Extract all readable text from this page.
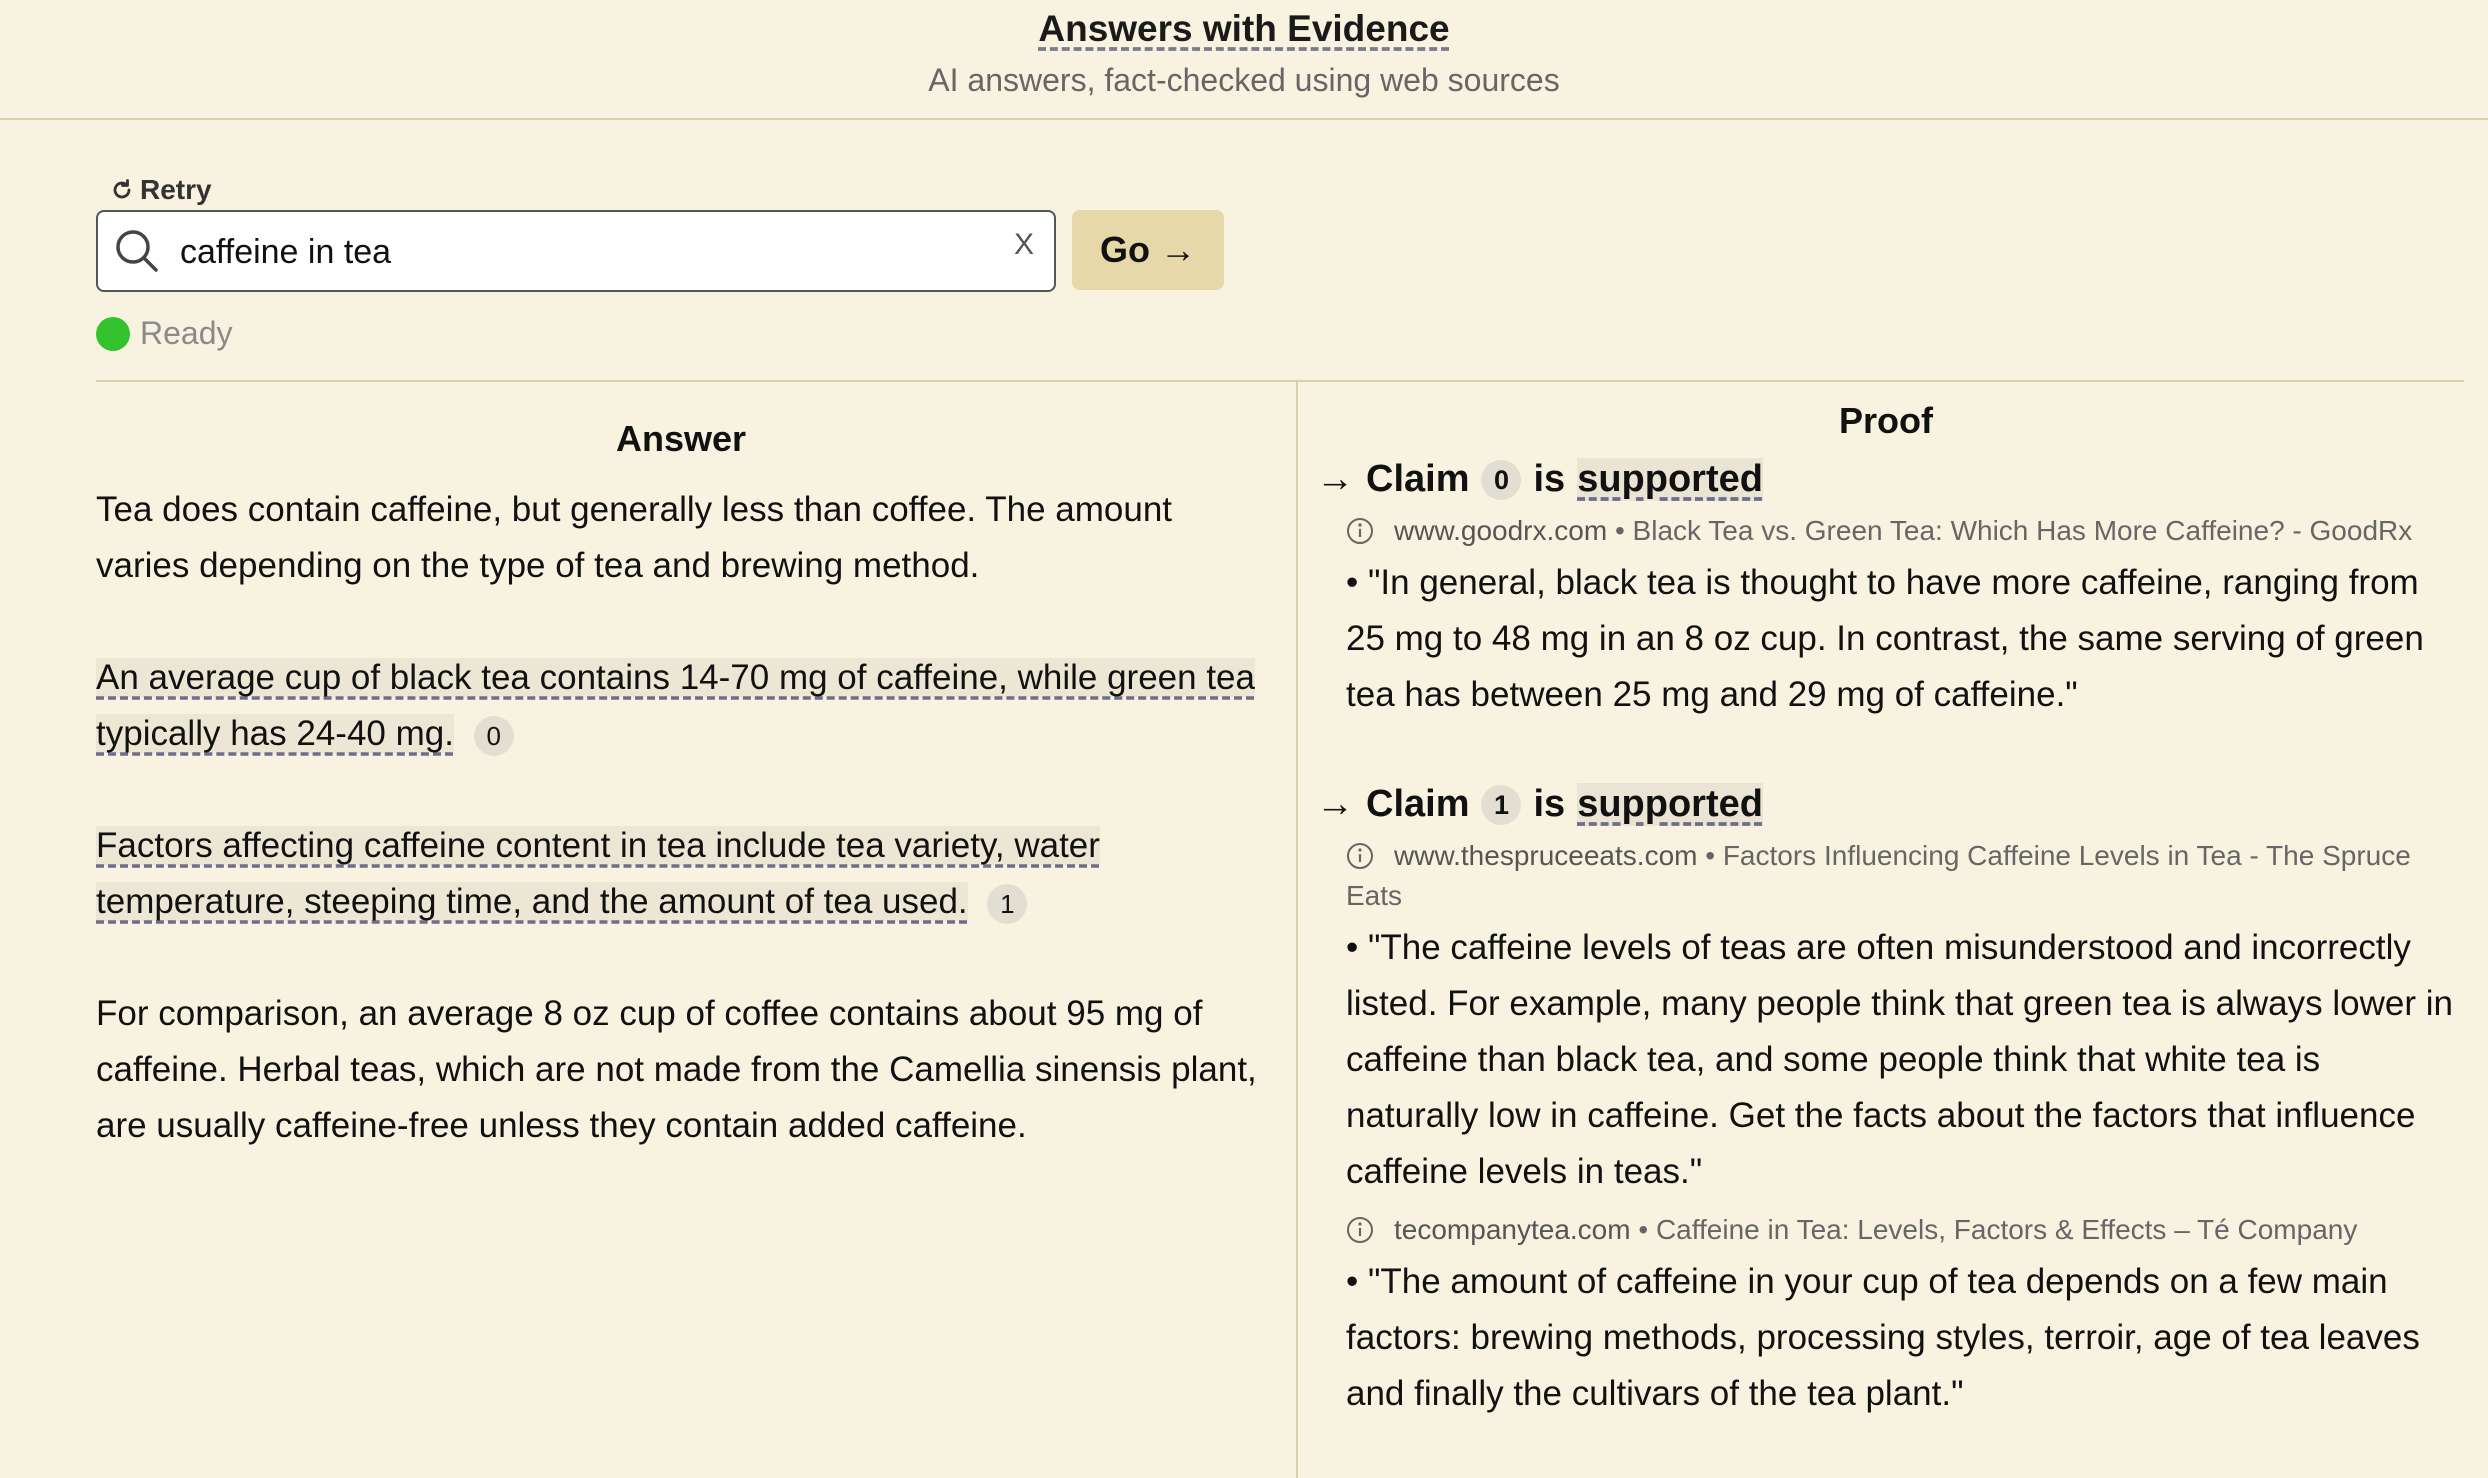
Answers with Evidence
AI answers, fact-checked using web sources
Retry
caffeine in tea
X	Go →
Ready
Answer

Tea does contain caffeine, but generally less than coffee. The amount varies depending on the type of tea and brewing method.

An average cup of black tea contains 14-70 mg of caffeine, while green tea typically has 24-40 mg. 0

Factors affecting caffeine content in tea include tea variety, water temperature, steeping time, and the amount of tea used. 1

For comparison, an average 8 oz cup of coffee contains about 95 mg of caffeine. Herbal teas, which are not made from the Camellia sinensis plant, are usually caffeine-free unless they contain added caffeine.

Proof
→ Claim 0 is supported
www.goodrx.com • Black Tea vs. Green Tea: Which Has More Caffeine? - GoodRx
• "In general, black tea is thought to have more caffeine, ranging from 25 mg to 48 mg in an 8 oz cup. In contrast, the same serving of green tea has between 25 mg and 29 mg of caffeine."
→ Claim 1 is supported
www.thespruceeats.com • Factors Influencing Caffeine Levels in Tea - The Spruce Eats
• "The caffeine levels of teas are often misunderstood and incorrectly listed. For example, many people think that green tea is always lower in caffeine than black tea, and some people think that white tea is naturally low in caffeine. Get the facts about the factors that influence caffeine levels in teas."
tecompanytea.com • Caffeine in Tea: Levels, Factors & Effects – Té Company
• "The amount of caffeine in your cup of tea depends on a few main factors: brewing methods, processing styles, terroir, age of tea leaves and finally the cultivars of the tea plant."
